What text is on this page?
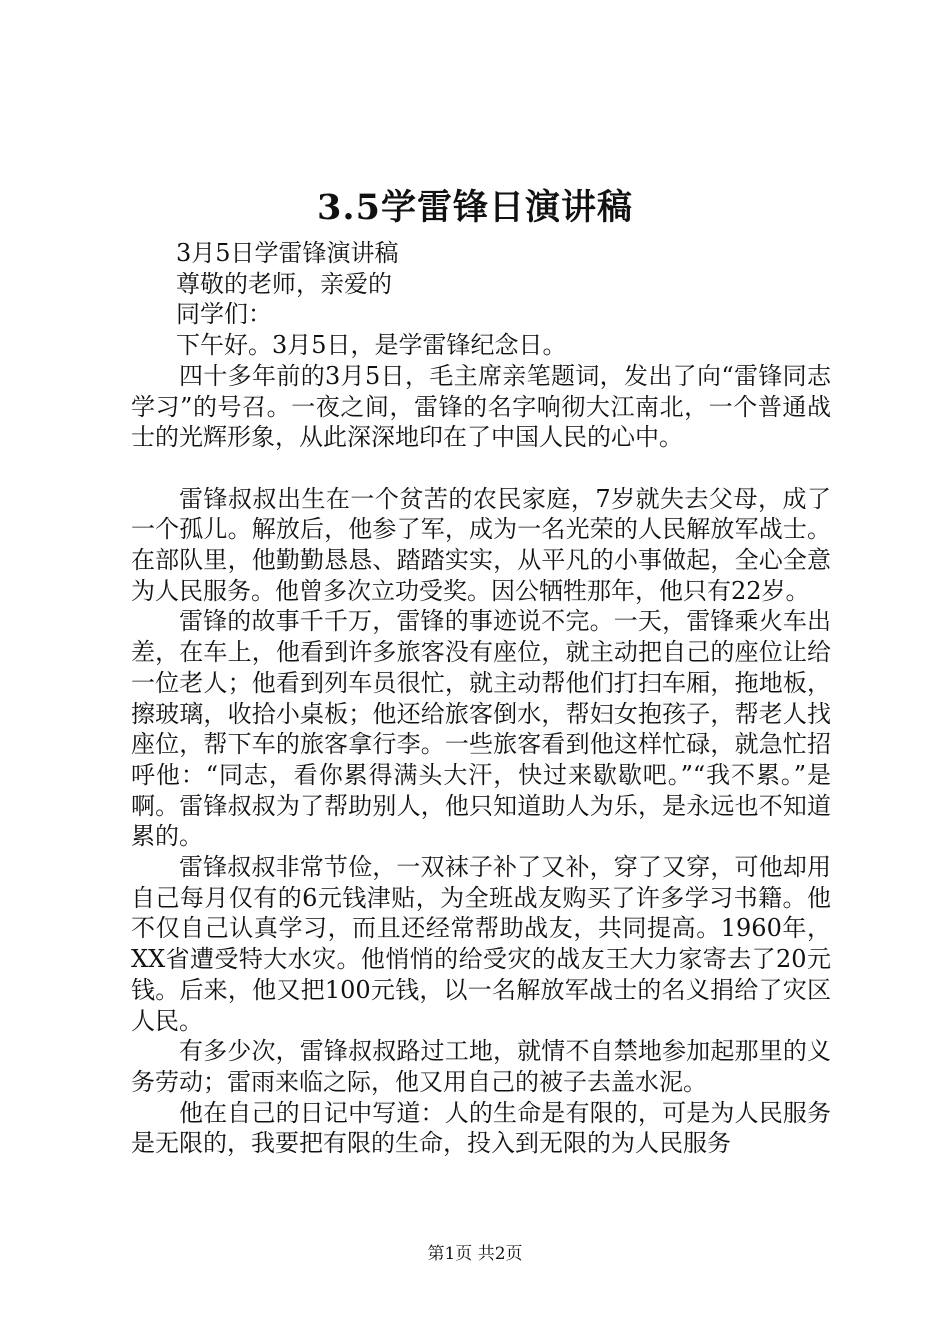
3.5学雷锋日演讲稿

3月5日学雷锋演讲稿

尊敬的老师，亲爱的

同学们：

下午好。3月5日，是学雷锋纪念日。

四十多年前的3月5日，毛主席亲笔题词，发出了向“雷锋同志学习”的号召。一夜之间，雷锋的名字响彻大江南北，一个普通战士的光辉形象，从此深深地印在了中国人民的心中。

雷锋叔叔出生在一个贫苦的农民家庭，7岁就失去父母，成了一个孤儿。解放后，他参了军，成为一名光荣的人民解放军战士。在部队里，他勤勤恳恳、踏踏实实，从平凡的小事做起，全心全意为人民服务。他曾多次立功受奖。因公牺牲那年，他只有22岁。

雷锋的故事千千万，雷锋的事迹说不完。一天，雷锋乘火车出差，在车上，他看到许多旅客没有座位，就主动把自己的座位让给一位老人；他看到列车员很忙，就主动帮他们打扫车厢，拖地板，擦玻璃，收拾小桌板；他还给旅客倒水，帮妇女抱孩子，帮老人找座位，帮下车的旅客拿行李。一些旅客看到他这样忙碌，就急忙招呼他：“同志，看你累得满头大汗，快过来歇歇吧。”“我不累。”是啊。雷锋叔叔为了帮助别人，他只知道助人为乐，是永远也不知道累的。

雷锋叔叔非常节俭，一双袜子补了又补，穿了又穿，可他却用自己每月仅有的6元钱津贴，为全班战友购买了许多学习书籍。他不仅自己认真学习，而且还经常帮助战友，共同提高。1960年，XX省遭受特大水灾。他悄悄的给受灾的战友王大力家寄去了20元钱。后来，他又把100元钱，以一名解放军战士的名义捐给了灾区人民。

有多少次，雷锋叔叔路过工地，就情不自禁地参加起那里的义务劳动；雷雨来临之际，他又用自己的被子去盖水泥。

他在自己的日记中写道：人的生命是有限的，可是为人民服务是无限的，我要把有限的生命，投入到无限的为人民服务

第1页 共2页
